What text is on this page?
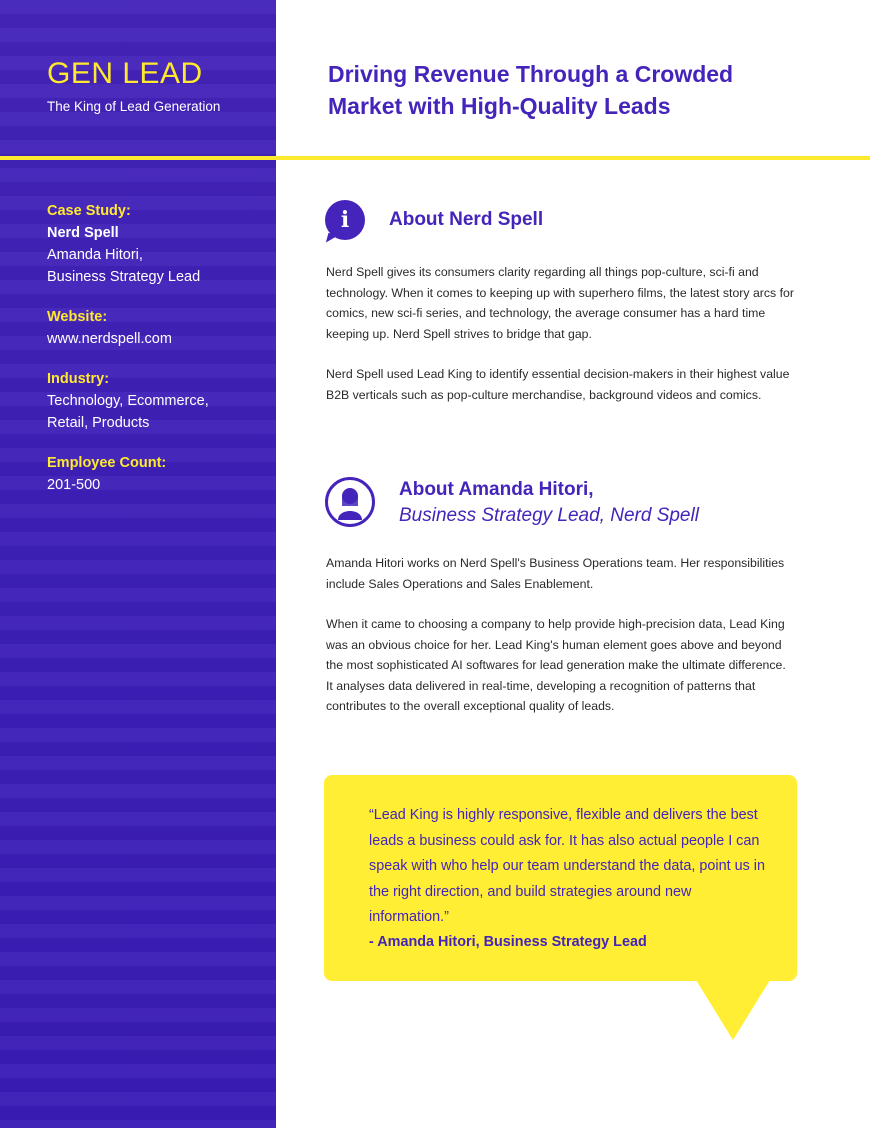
GEN LEAD
The King of Lead Generation
Case Study:
Nerd Spell
Amanda Hitori,
Business Strategy Lead
Website:
www.nerdspell.com
Industry:
Technology, Ecommerce,
Retail, Products
Employee Count:
201-500
Driving Revenue Through a Crowded
Market with High-Quality Leads
i About Nerd Spell

Nerd Spell gives its consumers clarity regarding all things pop-culture, sci-fi and technology. When it comes to keeping up with superhero films, the latest story arcs for comics, new sci-fi series, and technology, the average consumer has a hard time keeping up. Nerd Spell strives to bridge that gap.

Nerd Spell used Lead King to identify essential decision-makers in their highest value B2B verticals such as pop-culture merchandise, background videos and comics.

About Amanda Hitori,
Business Strategy Lead, Nerd Spell

Amanda Hitori works on Nerd Spell's Business Operations team. Her responsibilities include Sales Operations and Sales Enablement.

When it came to choosing a company to help provide high-precision data, Lead King was an obvious choice for her. Lead King's human element goes above and beyond the most sophisticated AI softwares for lead generation make the ultimate difference. It analyses data delivered in real-time, developing a recognition of patterns that contributes to the overall exceptional quality of leads.

“Lead King is highly responsive, flexible and delivers the best leads a business could ask for. It has also actual people I can speak with who help our team understand the data, point us in the right direction, and build strategies around new information.”

- Amanda Hitori, Business Strategy Lead
